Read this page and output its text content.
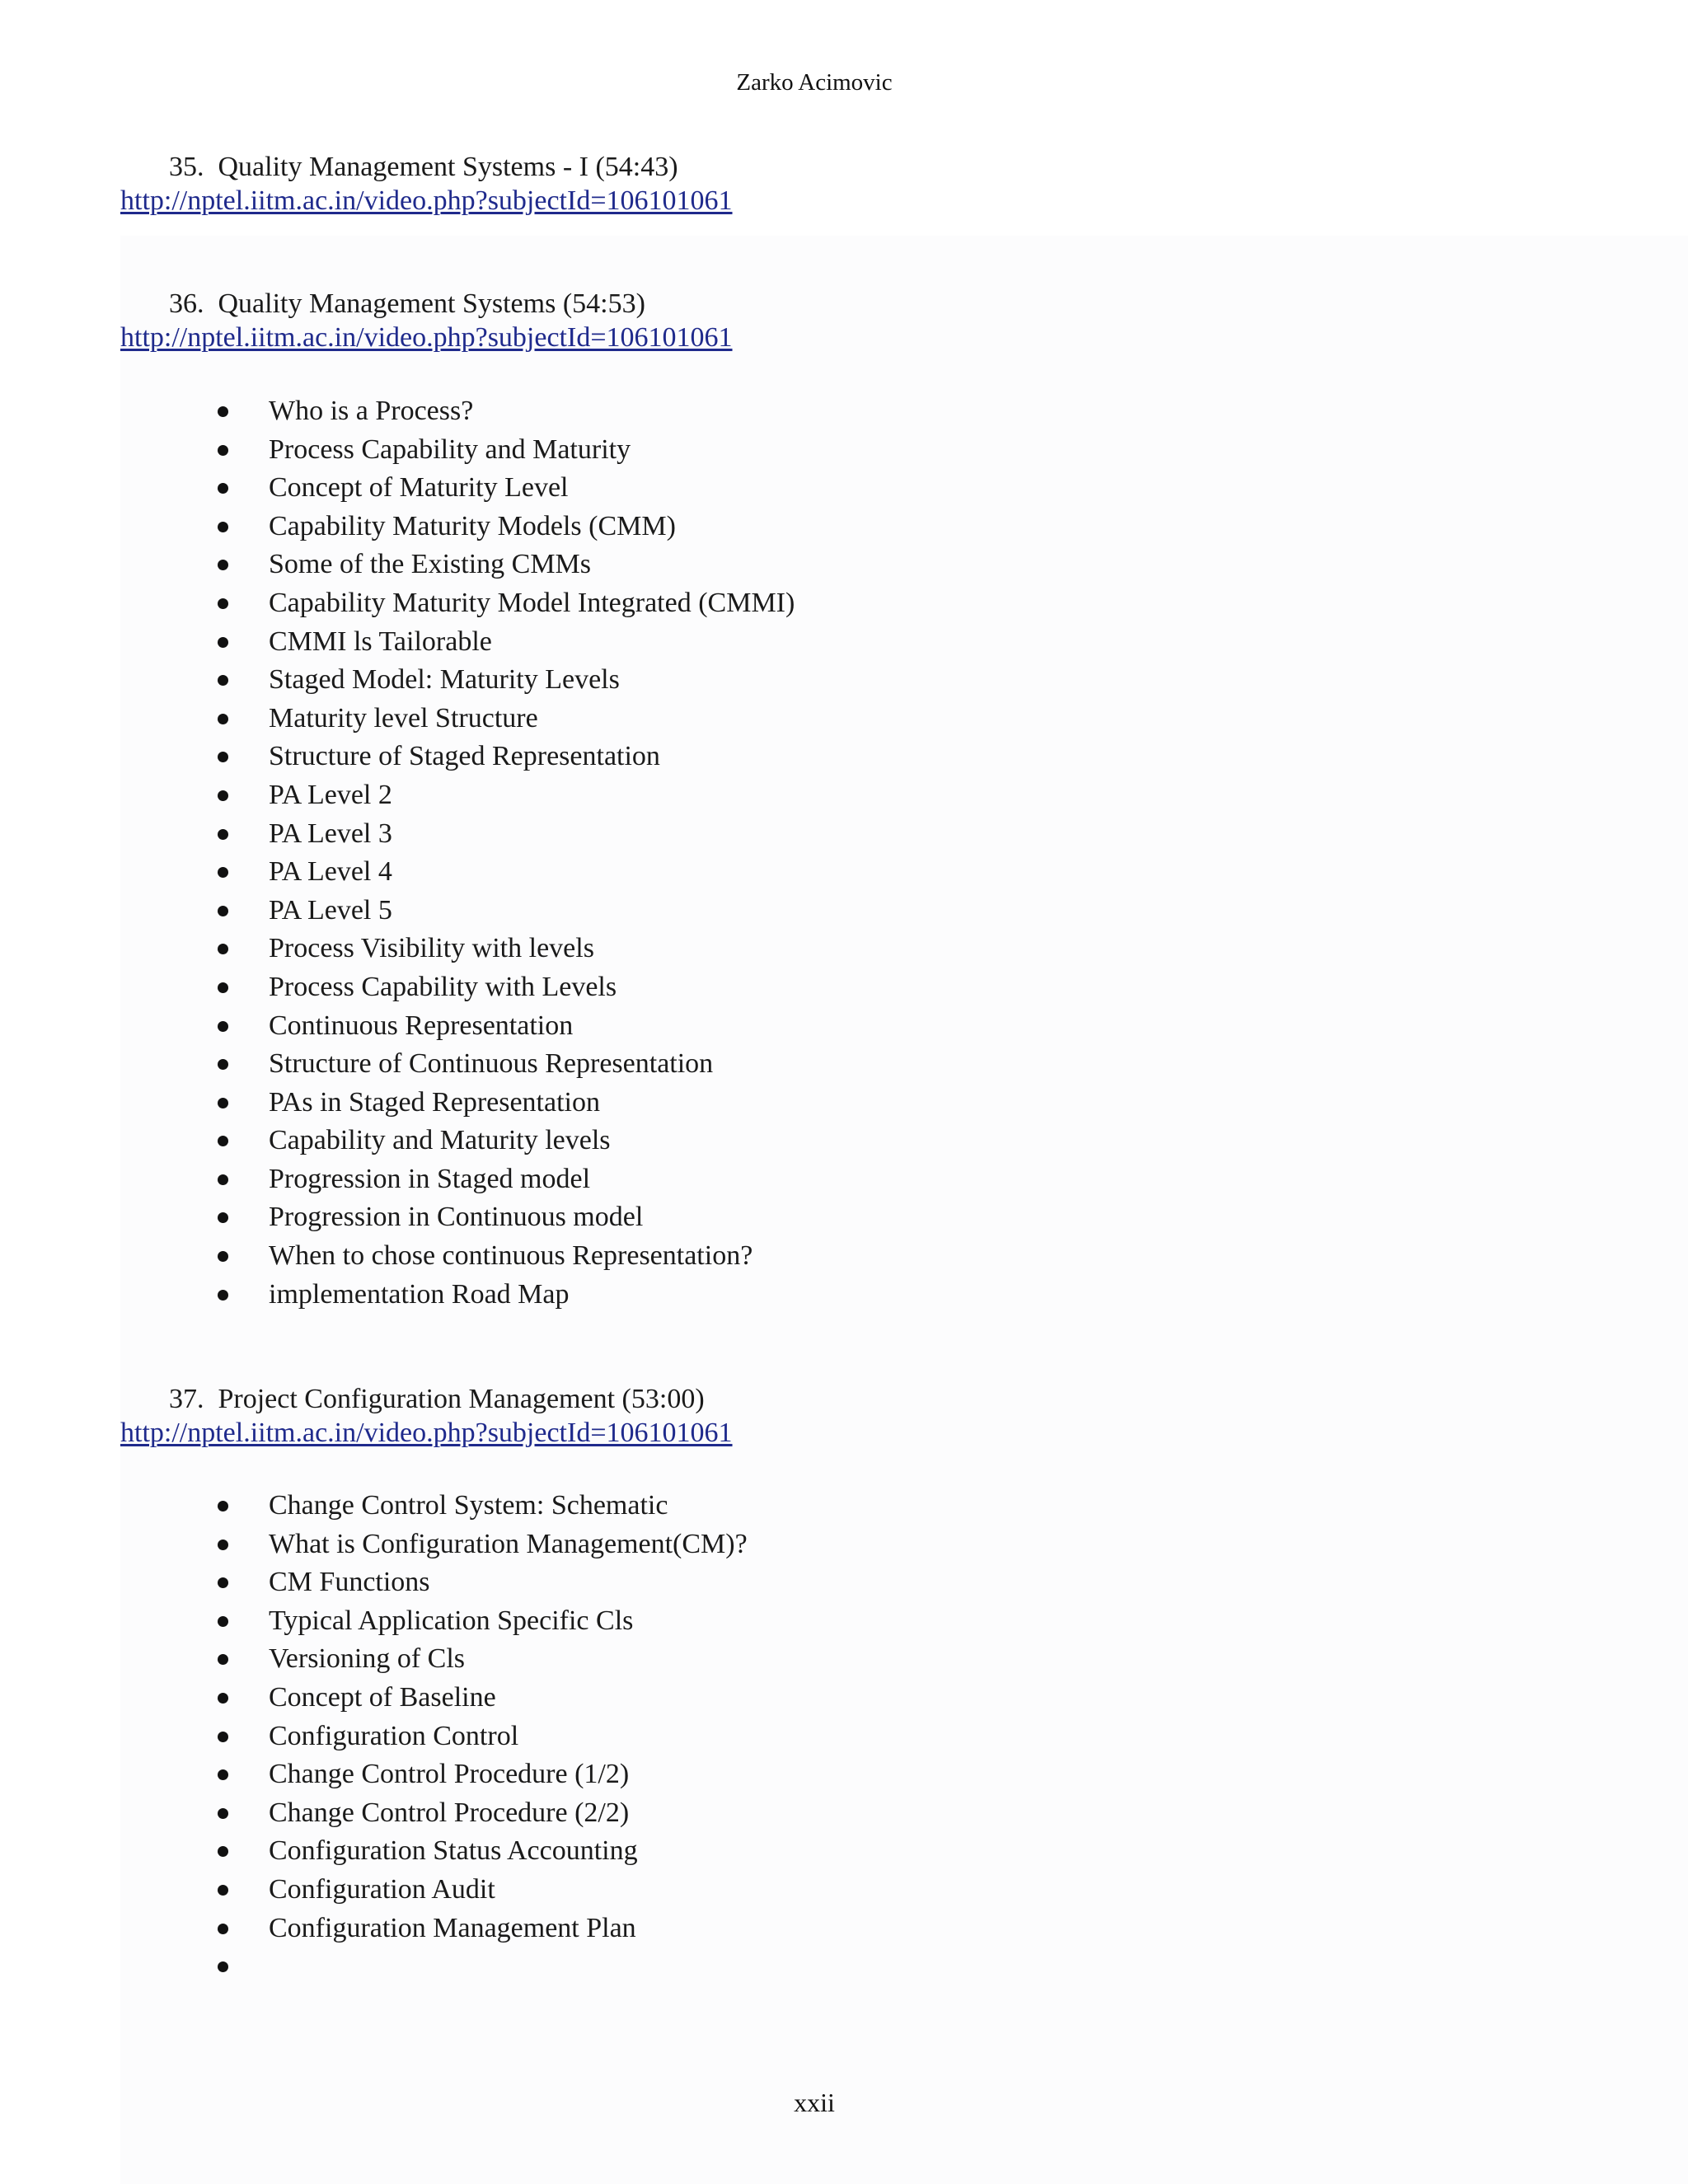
Zarko Acimovic
35. Quality Management Systems - I (54:43)
http://nptel.iitm.ac.in/video.php?subjectId=106101061
36. Quality Management Systems (54:53)
http://nptel.iitm.ac.in/video.php?subjectId=106101061
Who is a Process?
Process Capability and Maturity
Concept of Maturity Level
Capability Maturity Models (CMM)
Some of the Existing CMMs
Capability Maturity Model Integrated (CMMI)
CMMI ls Tailorable
Staged Model: Maturity Levels
Maturity level Structure
Structure of Staged Representation
PA Level 2
PA Level 3
PA Level 4
PA Level 5
Process Visibility with levels
Process Capability with Levels
Continuous Representation
Structure of Continuous Representation
PAs in Staged Representation
Capability and Maturity levels
Progression in Staged model
Progression in Continuous model
When to chose continuous Representation?
implementation Road Map
37. Project Configuration Management (53:00)
http://nptel.iitm.ac.in/video.php?subjectId=106101061
Change Control System: Schematic
What is Configuration Management(CM)?
CM Functions
Typical Application Specific Cls
Versioning of Cls
Concept of Baseline
Configuration Control
Change Control Procedure (1/2)
Change Control Procedure (2/2)
Configuration Status Accounting
Configuration Audit
Configuration Management Plan
xxii
